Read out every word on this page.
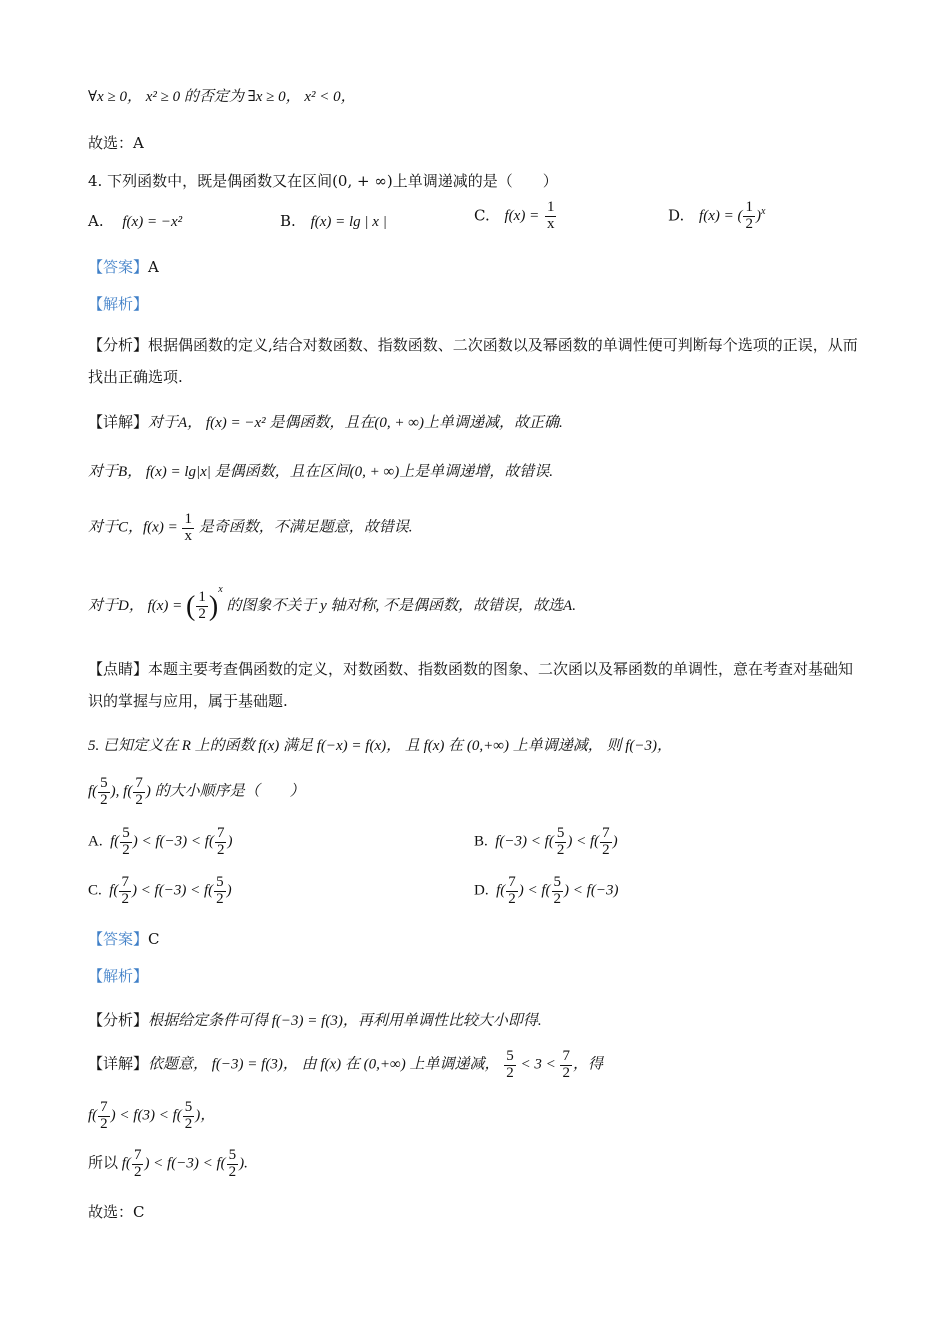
∀x ≥ 0， x² ≥ 0 的否定为 ∃x ≥ 0， x² < 0，
故选：A
4. 下列函数中，既是偶函数又在区间(0, + ∞)上单调递减的是（　　）
A. f(x) = −x²	B. f(x) = lg | x |	C. $f(x) = \frac{1}{x}$	D. f(x) = ( $\frac{1}{2} )^x$
【答案】A
【解析】
【分析】根据偶函数的定义,结合对数函数、指数函数、二次函数以及幂函数的单调性便可判断每个选项的正误，从而找出正确选项.
【详解】对于A， f(x) = −x² 是偶函数，且在(0, + ∞)上单调递减，故正确.
对于B， f(x) = lg|x| 是偶函数，且在区间(0, + ∞)上是单调递增，故错误.
对于C，$f(x) = \frac{1}{x}$ 是奇函数，不满足题意，故错误.
对于D， f(x) = ( $\frac{1}{2} )^x$ 的图象不关于 y 轴对称, 不是偶函数，故错误，故选A.
【点睛】本题主要考查偶函数的定义，对数函数、指数函数的图象、二次函以及幂函数的单调性，意在考查对基础知识的掌握与应用，属于基础题.
5. 已知定义在 R 上的函数 f(x) 满足 f(−x) = f(x)， 且 f(x) 在 (0,+∞) 上单调递减， 则 f(−3)，
$f( \frac{5}{2}$ ), $f( \frac{7}{2}$ ) 的大小顺序是（　　）
A.  $f( \frac{5}{2}$ ) < $f(-3) < f( \frac{7}{2}$ )	B.  $f(-3) < f( \frac{5}{2}$ ) < $f( \frac{7}{2}$ )
C.  $f( \frac{7}{2}$ ) < $f(-3) < f( \frac{5}{2}$ )	D.  $f( \frac{7}{2}$ ) < $f( \frac{5}{2}$ ) < f(−3)
【答案】C
【解析】
【分析】根据给定条件可得 f(−3) = f(3)，再利用单调性比较大小即得.
【详解】依题意， f(−3) = f(3)， 由 f(x) 在 (0,+∞) 上单调递减， $\frac{5}{2} < 3 < \frac{7}{2}$ ，得
$f( \frac{7}{2}$ ) < $f(3) < f( \frac{5}{2}$ )，
所以 $f( \frac{7}{2}$ ) < $f(-3) < f( \frac{5}{2}$ ).
故选：C
